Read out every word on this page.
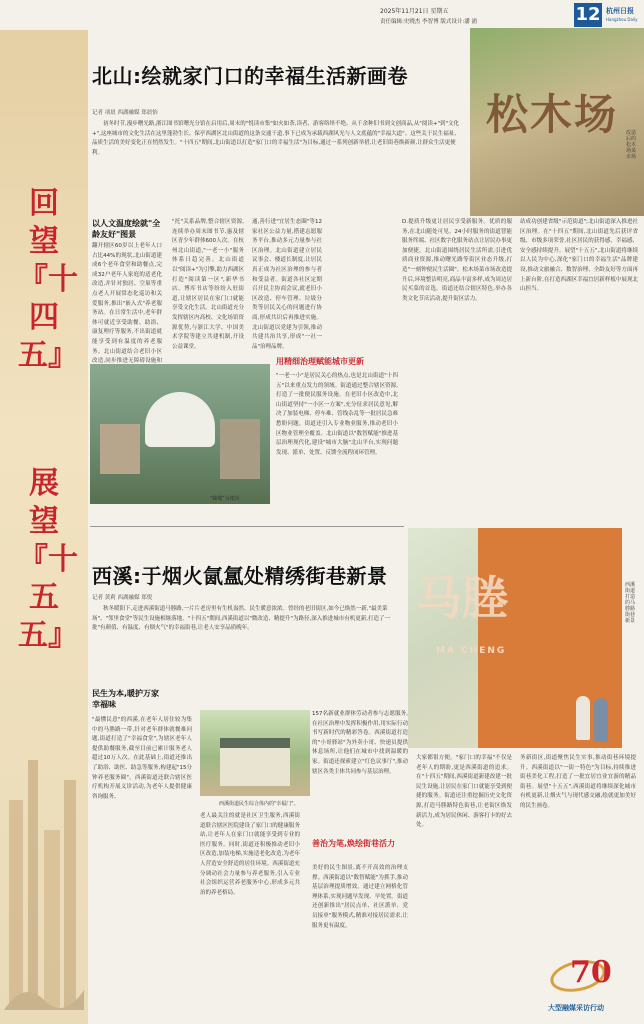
2025年11月21日 星期五
责任编辑:史晓杰 李智博 版式设计:潘 浦	12 杭州日报
Hangzhou Daily
回望『十四五』
展望『十五五』
北山:绘就家门口的幸福生活新画卷
记者 项晨 西湖融媒 郑晨怡
初冬时节,漫步曙光路,浙江图书馆曙光分馆在启用后,周末的"悦读市集"如火如荼,读者、游客络绎不绝。从千余种旧书到文创商品,从"阅读+"到"文化+",这座城市的文化生活在这里蓬勃生长。保亭西湖区北山街道的这条交通干道,事下已成为承载西湖风光与人文底蕴的"幸福大道"。这些关于民生福祉、品质生活的美好变化正在悄然发生。"十四五"期间,北山街道以打造"家门口的幸福生活"为目标,通过一系列创新举措,让老旧街巷焕新颜,让群众生活更便利。
松木场 改造后的松木场菜市场
以人文温度绘就"全龄友好"图景
翻开辖区60岁以上老年人口占比44%的现状,北山街道建成6个老年食堂和助餐点,完成32户老年人家庭的适老化改造,并针对独居、空巢等重点老人开展常态化巡访和关爱服务,推出"嵌入式"养老服务站。在日常生活中,老年群体可就近享受助餐、助浴、康复理疗等服务,不出街道就能享受到有温度的养老服务。北山街道结合老旧小区改造,同步推进无障碍设施和
"托"关系品牌,整合辖区资源,连续举办周末图书节,惠及辖区青少年群体600人次。在杭州北山街道,"一老一小"服务体系日趋完善。北山街道以"阅读+"为引擎,助力西湖区打造"阅读第一区",新华书店、博库书店等纷纷入驻街道,让辖区居民在家门口就能享受文化生活。北山街道充分发挥辖区内高校、文化场馆资源优势,与浙江大学、中国美术学院等建立共建机制,开设公益课堂。
通,善行进"宜居生态圈"等12家社区公益力量,搭建志愿服务平台,推动多元力量参与社区治理。北山街道建立居民议事会、楼道长制度,让居民真正成为社区治理的参与者和受益者。街道各社区定期召开民主协商会议,就老旧小区改造、停车管理、垃圾分类等居民关心的问题进行协商,形成共识后再推进实施。北山街道以党建为引领,推动共建共治共享,形成"一社一品"治理品牌。
"蝴蝶"为楼顶
用精细治理赋能城市更新
"一老一小"是居民关心的热点,也是北山街道"十四五"以来重点发力的领域。街道通过整合辖区资源,打造了一批便民服务设施。在老旧小区改造中,北山街道坚持"一小区一方案",充分征求居民意见,解决了加装电梯、停车难、管线杂乱等一批居民急难愁盼问题。街道还引入专业物业服务,推动老旧小区物业管理全覆盖。北山街道以"数智赋能"推进基层治理现代化,建设"城市大脑"北山平台,实现问题发现、派单、处置、反馈全流程闭环管理。
D.提质升级更让居民享受新服务。优质的服务,在北山随处可见。24小时服务的街道智能服务终端、社区数字化服务站点让居民办事更加便捷。北山街道围绕居民生活所需,引进优质商业资源,推动曙光路等街区业态升级,打造"一刻钟便民生活圈"。松木场菜市场改造提升后,环境整洁明亮,商品丰富多样,成为周边居民买菜的首选。街道还结合辖区特色,举办各类文化节庆活动,提升街区活力。
站成功创建省级"示范街道";北山街道深入推进社区治理。在"十四五"期间,北山街道先后获评省级、市级多项荣誉,社区居民的获得感、幸福感、安全感持续提升。展望"十五五",北山街道将继续以人民为中心,深化"家门口的幸福生活"品牌建设,推动文旅融合、数智治理、全龄友好等方面再上新台阶,在打造西湖区幸福宜居新样板中展现北山担当。
西溪:于烟火氤氲处精绣街巷新景
记者 黄莉 西湖融媒 郑悦
秋冬暖阳下,走进西溪街道马塍路,一片片老房里有生机盎然、民生暖意浓浓。曾经的老旧街区,如今已焕然一新,"最美菜场"、"邻里食堂"等民生设施相继落地。"十四五"期间,西溪街道以"微改造、精提升"为路径,深入推进城市有机更新,打造了一批"有颜值、有温度、有烟火气"的幸福街巷,让老人安享品质晚年。
马塍
MA CHENG
西溪街道打造的马塍路街巷新景
民生为本,暖护万家幸福味
"最懂民意"的西溪,在老年人居住较为集中的马塍路一带,针对老年群体就餐难问题,街道打造了"幸福食堂",为辖区老年人提供助餐服务,截至目前已累计服务老人超过10万人次。在此基础上,街道还推出了助浴、助医、助急等服务,构建起"15分钟养老服务圈"。西溪街道还联合辖区医疗机构开展义诊活动,为老年人提供健康咨询服务。
老人最关注的就是社区卫生服务,西溪街道联合辖区医院建设了家门口的健康服务站,让老年人在家门口就能享受到专业的医疗服务。同时,街道还积极推动老旧小区改造,加装电梯,实施适老化改造,为老年人营造安全舒适的居住环境。西溪街道充分调动社会力量参与养老服务,引入专业社会组织运营养老服务中心,形成多元共治的养老格局。
西溪街道民生综合体内的"幸福门"。
157名新就业群体劳动者参与志愿服务,在社区治理中发挥积极作用,用实际行动书写新时代的精彩答卷。西溪街道打造的"小哥驿站"为外卖小哥、快递员提供休息场所,让他们在城市中找到温暖的家。街道还探索建立"红色议事厅",推动辖区各类主体共同参与基层治理。
善治为笔,焕绘街巷活力
美好的民生图景,离不开高效的治理支撑。西溪街道以"数智赋能"为抓手,推动基层治理提质增效。通过建立网格化管理体系,实现问题早发现、早处置。街道还创新推出"居民点单、社区派单、党员接单"服务模式,精准对接居民需求,让服务更有温度。
大家都很方便。"家门口的幸福"不仅是老年人的期盼,更是西溪街道的追求。在"十四五"期间,西溪街道新建改建一批民生设施,让居民在家门口就能享受到便捷的服务。街道还注重挖掘历史文化资源,打造马塍路特色街巷,让老街区焕发新活力,成为居民休闲、游客打卡的好去处。
务新街区,街道聚焦民生实事,推动街巷环境提升。西溪街道以"一街一特色"为目标,持续推进街巷美化工程,打造了一批宜居宜业宜游的精品街巷。展望"十五五",西溪街道将继续深化城市有机更新,让烟火气与现代感交融,绘就更加美好的民生画卷。
70
大型融媒采访行动
